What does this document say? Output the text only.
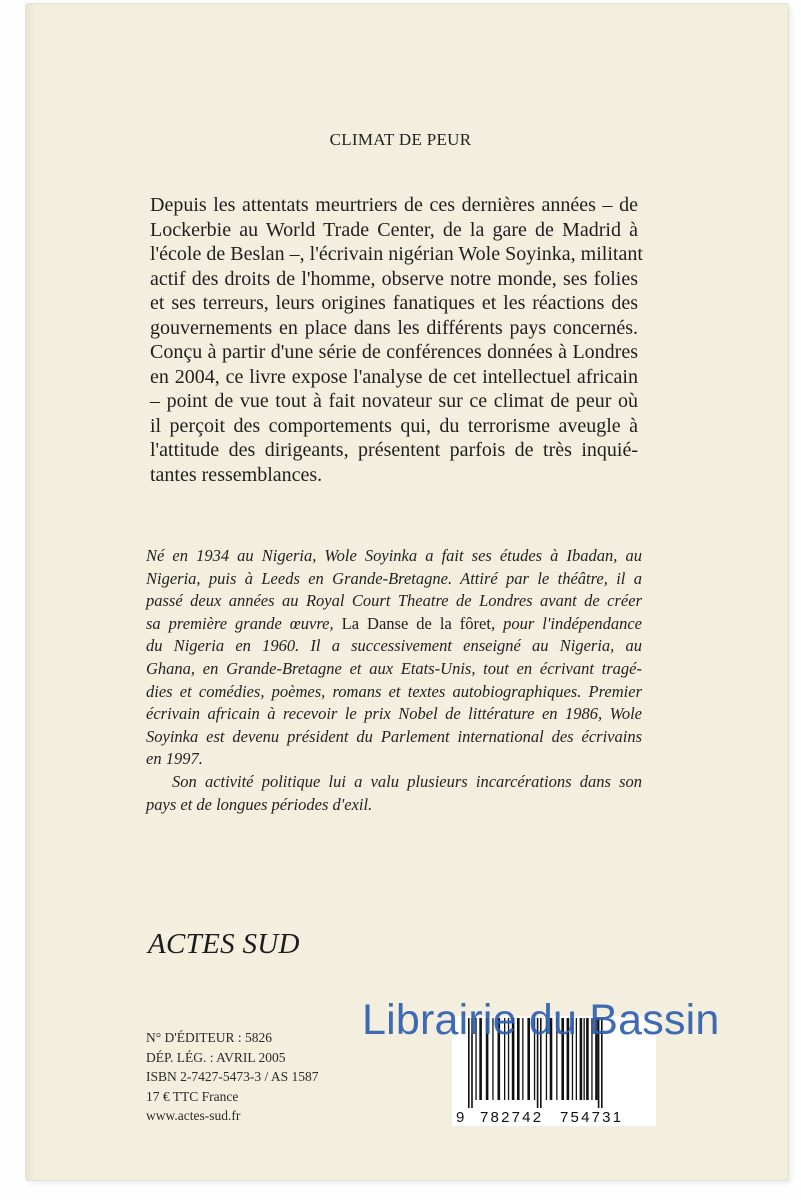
CLIMAT DE PEUR
Depuis les attentats meurtriers de ces dernières années – de
Lockerbie au World Trade Center, de la gare de Madrid à
l'école de Beslan –, l'écrivain nigérian Wole Soyinka, militant
actif des droits de l'homme, observe notre monde, ses folies
et ses terreurs, leurs origines fanatiques et les réactions des
gouvernements en place dans les différents pays concernés.
Conçu à partir d'une série de conférences données à Londres
en 2004, ce livre expose l'analyse de cet intellectuel africain
– point de vue tout à fait novateur sur ce climat de peur où
il perçoit des comportements qui, du terrorisme aveugle à
l'attitude des dirigeants, présentent parfois de très inquié-
tantes ressemblances.
Né en 1934 au Nigeria, Wole Soyinka a fait ses études à Ibadan, au
Nigeria, puis à Leeds en Grande-Bretagne. Attiré par le théâtre, il a
passé deux années au Royal Court Theatre de Londres avant de créer
sa première grande œuvre, La Danse de la fôret, pour l'indépendance
du Nigeria en 1960. Il a successivement enseigné au Nigeria, au
Ghana, en Grande-Bretagne et aux Etats-Unis, tout en écrivant tragé-
dies et comédies, poèmes, romans et textes autobiographiques. Premier
écrivain africain à recevoir le prix Nobel de littérature en 1986, Wole
Soyinka est devenu président du Parlement international des écrivains
en 1997.
Son activité politique lui a valu plusieurs incarcérations dans son
pays et de longues périodes d'exil.
ACTES SUD
N° D'ÉDITEUR : 5826
DÉP. LÉG. : AVRIL 2005
ISBN 2-7427-5473-3 / AS 1587
17 € TTC France
www.actes-sud.fr	9 782742 754731
Librairie du Bassin
